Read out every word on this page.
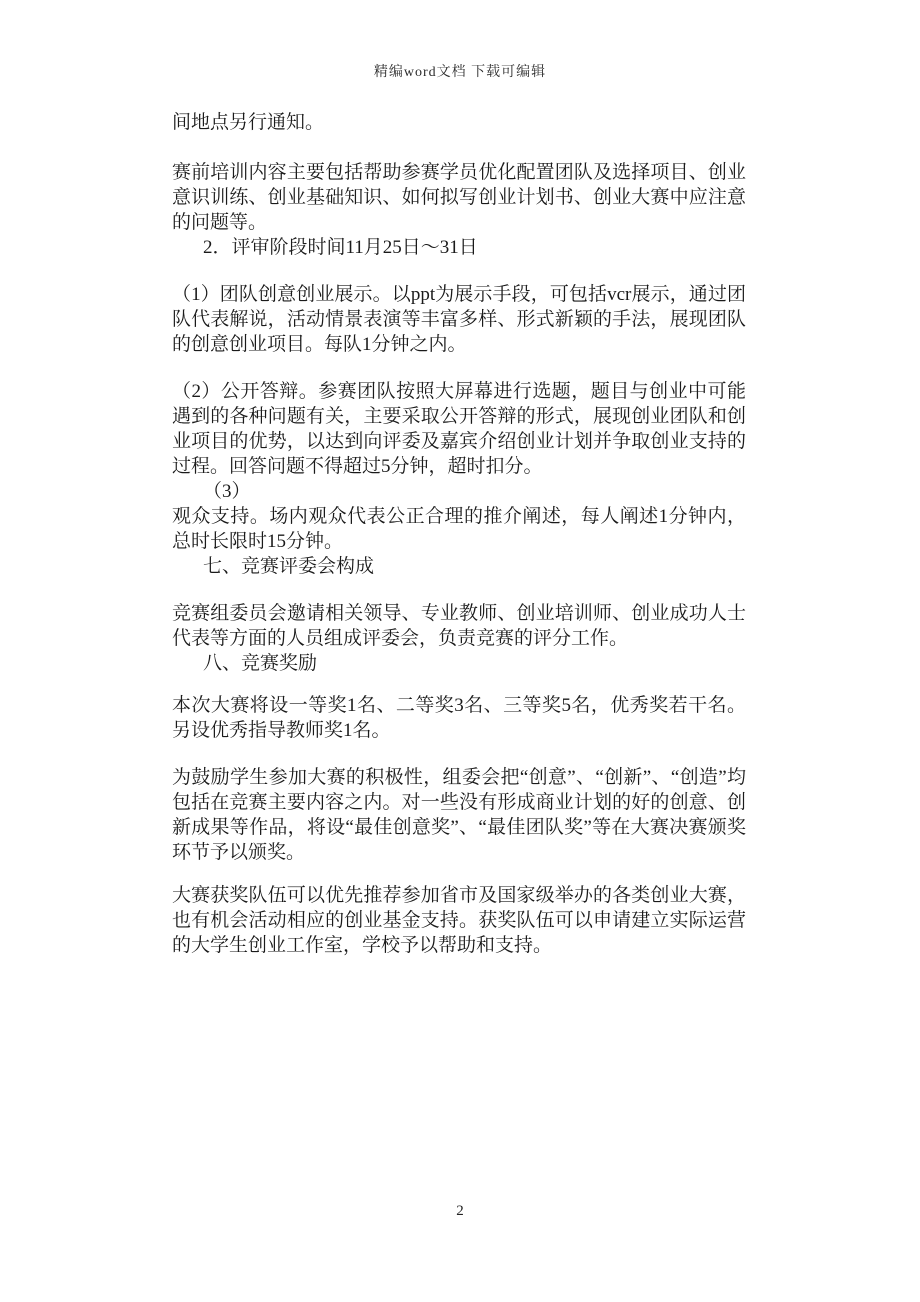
精编word文档 下载可编辑

间地点另行通知。

赛前培训内容主要包括帮助参赛学员优化配置团队及选择项目、创业意识训练、创业基础知识、如何拟写创业计划书、创业大赛中应注意的问题等。

2．评审阶段时间11月25日～31日

（1）团队创意创业展示。以ppt为展示手段，可包括vcr展示，通过团队代表解说，活动情景表演等丰富多样、形式新颖的手法，展现团队的创意创业项目。每队1分钟之内。

（2）公开答辩。参赛团队按照大屏幕进行选题，题目与创业中可能遇到的各种问题有关，主要采取公开答辩的形式，展现创业团队和创业项目的优势，以达到向评委及嘉宾介绍创业计划并争取创业支持的过程。回答问题不得超过5分钟，超时扣分。

（3）

观众支持。场内观众代表公正合理的推介阐述，每人阐述1分钟内，总时长限时15分钟。

七、竞赛评委会构成

竞赛组委员会邀请相关领导、专业教师、创业培训师、创业成功人士代表等方面的人员组成评委会，负责竞赛的评分工作。

八、竞赛奖励

本次大赛将设一等奖1名、二等奖3名、三等奖5名，优秀奖若干名。另设优秀指导教师奖1名。

为鼓励学生参加大赛的积极性，组委会把“创意”、“创新”、“创造”均包括在竞赛主要内容之内。对一些没有形成商业计划的好的创意、创新成果等作品，将设“最佳创意奖”、“最佳团队奖”等在大赛决赛颁奖环节予以颁奖。

大赛获奖队伍可以优先推荐参加省市及国家级举办的各类创业大赛，也有机会活动相应的创业基金支持。获奖队伍可以申请建立实际运营的大学生创业工作室，学校予以帮助和支持。

2
